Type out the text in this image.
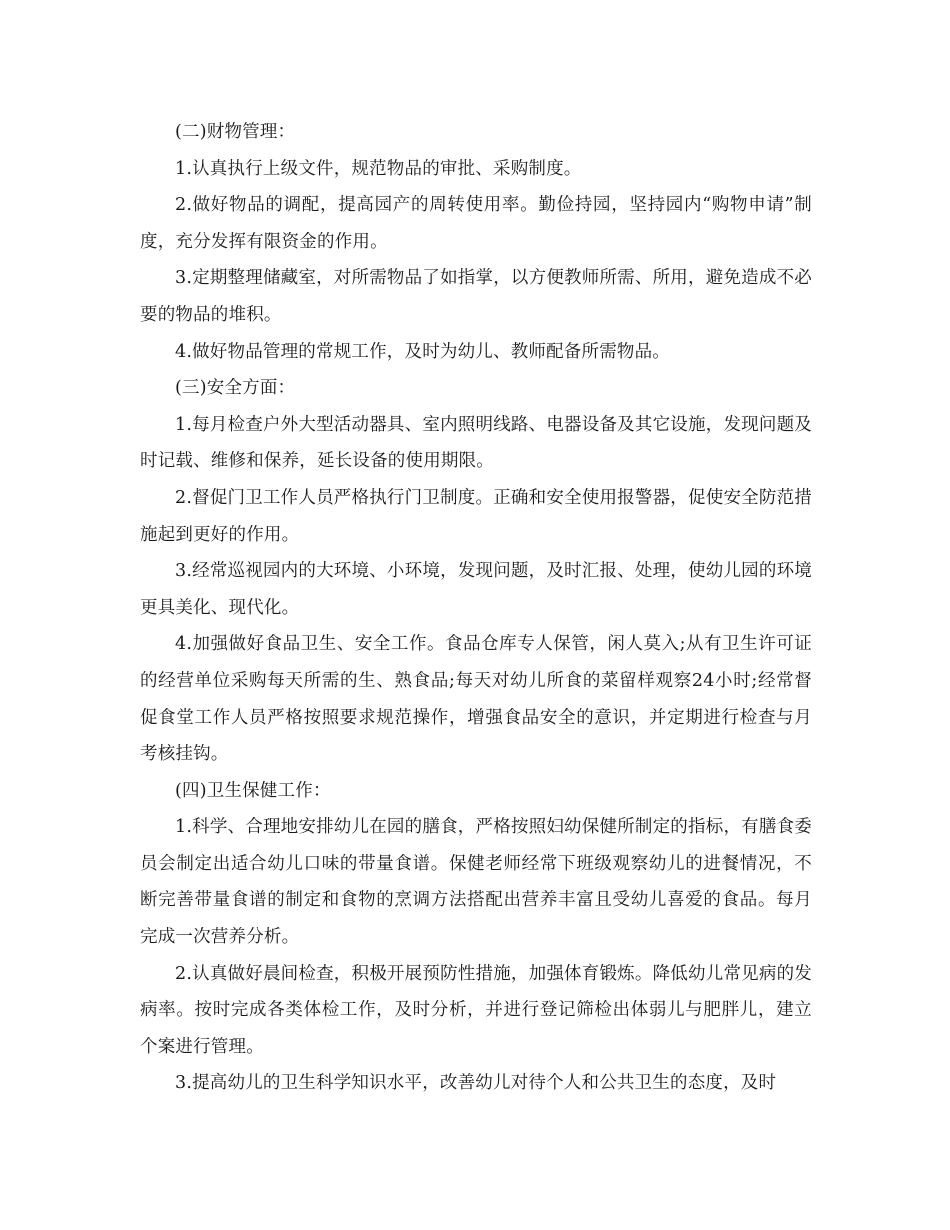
(二)财物管理：

1.认真执行上级文件，规范物品的审批、采购制度。

2.做好物品的调配，提高园产的周转使用率。勤俭持园，坚持园内“购物申请”制度，充分发挥有限资金的作用。

3.定期整理储藏室，对所需物品了如指掌，以方便教师所需、所用，避免造成不必要的物品的堆积。

4.做好物品管理的常规工作，及时为幼儿、教师配备所需物品。

(三)安全方面：

1.每月检查户外大型活动器具、室内照明线路、电器设备及其它设施，发现问题及时记载、维修和保养，延长设备的使用期限。

2.督促门卫工作人员严格执行门卫制度。正确和安全使用报警器，促使安全防范措施起到更好的作用。

3.经常巡视园内的大环境、小环境，发现问题，及时汇报、处理，使幼儿园的环境更具美化、现代化。

4.加强做好食品卫生、安全工作。食品仓库专人保管，闲人莫入;从有卫生许可证的经营单位采购每天所需的生、熟食品;每天对幼儿所食的菜留样观察24小时;经常督促食堂工作人员严格按照要求规范操作，增强食品安全的意识，并定期进行检查与月考核挂钩。

(四)卫生保健工作：

1.科学、合理地安排幼儿在园的膳食，严格按照妇幼保健所制定的指标，有膳食委员会制定出适合幼儿口味的带量食谱。保健老师经常下班级观察幼儿的进餐情况，不断完善带量食谱的制定和食物的烹调方法搭配出营养丰富且受幼儿喜爱的食品。每月完成一次营养分析。

2.认真做好晨间检查，积极开展预防性措施，加强体育锻炼。降低幼儿常见病的发病率。按时完成各类体检工作，及时分析，并进行登记筛检出体弱儿与肥胖儿，建立个案进行管理。

3.提高幼儿的卫生科学知识水平，改善幼儿对待个人和公共卫生的态度，及时
